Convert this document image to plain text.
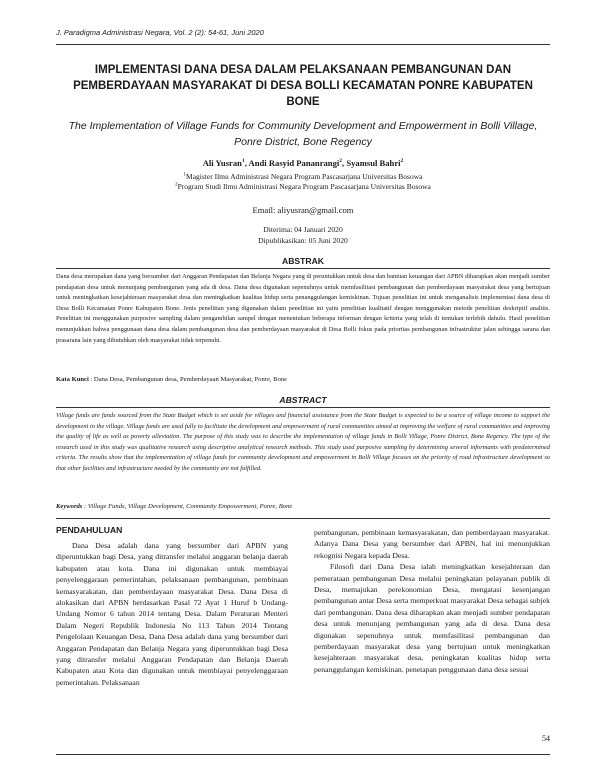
J. Paradigma Administrasi Negara, Vol. 2 (2): 54-61, Juni 2020
IMPLEMENTASI DANA DESA DALAM PELAKSANAAN PEMBANGUNAN DAN PEMBERDAYAAN MASYARAKAT DI DESA BOLLI KECAMATAN PONRE KABUPATEN BONE
The Implementation of Village Funds for Community Development and Empowerment in Bolli Village, Ponre District, Bone Regency
Ali Yusran$^1$, Andi Rasyid Pananrangi$^2$, Syamsul Bahri$^2$
$^1$Magister Ilmu Administrasi Negara Program Pascasarjana Universitas Bosowa
$^2$Program Studi Ilmu Administrasi Negara Program Pascasarjana Universitas Bosowa
Email: aliyusran@gmail.com
Diterima: 04 Januari 2020
Dipublikasikan: 05 Juni 2020
ABSTRAK
Dana desa merupakan dana yang bersumber dari Anggaran Pendapatan dan Belanja Negara yang di peruntukkan untuk desa dan bantuan keuangan dari APBN diharapkan akan menjadi sumber pendapatan desa untuk menunjang pembangunan yang ada di desa. Dana desa digunakan sepenuhnya untuk memfasilitasi pembangunan dan pemberdayaan masyarakat desa yang bertujuan untuk meningkatkan kesejahteraan masyarakat desa dan meningkatkan kualitas hidup serta penanggulangan kemiskinan. Tujuan penelitian ini untuk menganalisis implementasi dana desa di Desa Bolli Kecamatan Ponre Kabupaten Bone. Jenis penelitian yang digunakan dalam penelitian ini yaitu penelitian kualitatif dengan menggunakan metode penelitian deskriptif analitis. Penelitian ini menggunakan purposive sampling dalam pengambilan sampel dengan menentukan beberapa informan dengan kriteria yang telah di tentukan terlebih dahulu. Hasil penelitian menunjukkan bahwa penggunaan dana desa dalam pembangunan desa dan pemberdayaan masyarakat di Desa Bolli fokus pada prioritas pembangunan infrastruktur jalan sehingga sarana dan prasarana lain yang dibutuhkan oleh masyarakat tidak terpenuhi.
Kata Kunci : Dana Desa, Pembangunan desa, Pemberdayaan Masyarakat, Ponre, Bone
ABSTRACT
Village funds are funds sourced from the State Budget which is set aside for villages and financial assistance from the State Budget is expected to be a source of village income to support the development in the village. Village funds are used fully to facilitate the development and empowerment of rural communities aimed at improving the welfare of rural communities and improving the quality of life as well as poverty alleviation. The purpose of this study was to describe the implementation of village funds in Bolli Village, Ponre District, Bone Regency. The type of the research used in this study was qualitative research using descriptive analytical research methods. This study used purposive sampling by determining several informants with predetermined criteria. The results show that the implementation of village funds for community development and empowerment in Bolli Village focuses on the priority of road infrastructure development so that other facilities and infrastructure needed by the community are not fulfilled.
Keywords : Village Funds, Village Development, Community Empowerment, Ponre, Bone
PENDAHULUAN

Dana Desa adalah dana yang bersumber dari APBN yang diperuntukkan bagi Desa, yang ditransfer melalui anggaran belanja daerah kabupaten atau kota. Dana ini digunakan untuk membiayai penyelenggaraan pemerintahan, pelaksanaan pembangunan, pembinaan kemasyarakatan, dan pemberdayaan masyarakat Desa. Dana Desa di alokasikan dari APBN berdasarkan Pasal 72 Ayat 1 Huruf b Undang-Undang Nomor 6 tahun 2014 tentang Desa. Dalam Peraturan Menteri Dalam Negeri Republik Indonesia No 113 Tahun 2014 Tentang Pengelolaan Keuangan Desa, Dana Desa adalah dana yang bersumber dari Anggaran Pendapatan dan Belanja Negara yang diperuntukkan bagi Desa yang ditransfer melalui Anggaran Pendapatan dan Belanja Daerah Kabupaten atau Kota dan digunakan untuk membiayai penyelenggaraan pemerintahan. Pelaksanaan

pembangunan, pembinaan kemasyarakatan, dan pemberdayaan masyarakat. Adanya Dana Desa yang bersumber dari APBN, hal ini menunjukkan rekognisi Negara kepada Desa.

Filosofi dari Dana Desa ialah meningkatkan kesejahteraan dan pemerataan pembangunan Desa melalui peningkatan pelayanan publik di Desa, memajukan perekonomian Desa, mengatasi kesenjangan pembangunan antar Desa serta memperkuat masyarakat Desa sebagai subjek dari pembangunan. Dana desa diharapkan akan menjadi sumber pendapatan desa untuk menunjang pembangunan yang ada di desa. Dana desa digunakan sepenuhnya untuk memfasilitasi pembangunan dan pemberdayaan masyarakat desa yang bertujuan untuk meningkatkan kesejahteraan masyarakat desa, peningkatan kualitas hidup serta penanggulangan kemiskinan. penetapan penggunaan dana desa sesuai

54
